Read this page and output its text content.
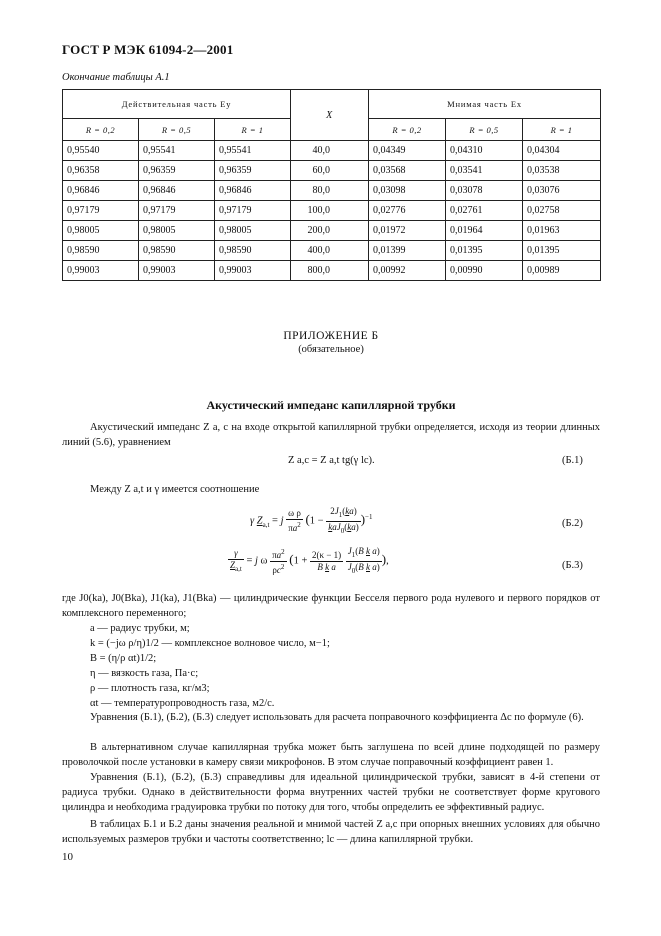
ГОСТ Р МЭК 61094-2—2001
Окончание таблицы А.1
Действительная часть Ey			X	Мнимая часть Ex		
R = 0,2	R = 0,5	R = 1		R = 0,2	R = 0,5	R = 1
0,95540	0,95541	0,95541	40,0	0,04349	0,04310	0,04304
0,96358	0,96359	0,96359	60,0	0,03568	0,03541	0,03538
0,96846	0,96846	0,96846	80,0	0,03098	0,03078	0,03076
0,97179	0,97179	0,97179	100,0	0,02776	0,02761	0,02758
0,98005	0,98005	0,98005	200,0	0,01972	0,01964	0,01963
0,98590	0,98590	0,98590	400,0	0,01399	0,01395	0,01395
0,99003	0,99003	0,99003	800,0	0,00992	0,00990	0,00989
ПРИЛОЖЕНИЕ Б
(обязательное)
Акустический импеданс капиллярной трубки
Акустический импеданс Z а, с на входе открытой капиллярной трубки определяется, исходя из теории длинных линий (5.6), уравнением
Z а,с = Z а,t tg(γ lс).	(Б.1)
Между Z а,t и γ имеется соотношение
γ $Z_{а,t} = j \frac{\text{ω ρ}}{\pi a^2} (1 - \frac{2J_1(ka)}{kaJ_0(ka)} )^{-1}$
(Б.2)
$\frac{\gamma}{Z_{а,t}} = j$ ω $\frac{\pi a^2}{\rho c^2} (1 + \frac{2(\kappa - 1)}{\text{B k a}}$
$\frac{J_1(B k a)}{J_0(B k a)}$ ),	(Б.3)
где J0(ka), J0(Bka), J1(ka), J1(Bka) — цилиндрические функции Бесселя первого рода нулевого и первого порядков от комплексного переменного;
a — радиус трубки, м;
k = (−jω ρ/η)1/2 — комплексное волновое число, м−1;
B = (η/ρ αt)1/2;
η — вязкость газа, Па·с;
ρ — плотность газа, кг/м3;
αt — температуропроводность газа, м2/с.
Уравнения (Б.1), (Б.2), (Б.3) следует использовать для расчета поправочного коэффициента Δc по формуле (6).
В альтернативном случае капиллярная трубка может быть заглушена по всей длине подходящей по размеру проволочкой после установки в камеру связи микрофонов. В этом случае поправочный коэффициент равен 1.
Уравнения (Б.1), (Б.2), (Б.3) справедливы для идеальной цилиндрической трубки, зависят в 4-й степени от радиуса трубки. Однако в действительности форма внутренних частей трубки не соответствует форме кругового цилиндра и необходима градуировка трубки по потоку для того, чтобы определить ее эффективный радиус.
10
В таблицах Б.1 и Б.2 даны значения реальной и мнимой частей Z а,с при опорных внешних условиях для обычно используемых размеров трубки и частоты соответственно; lс — длина капиллярной трубки.
